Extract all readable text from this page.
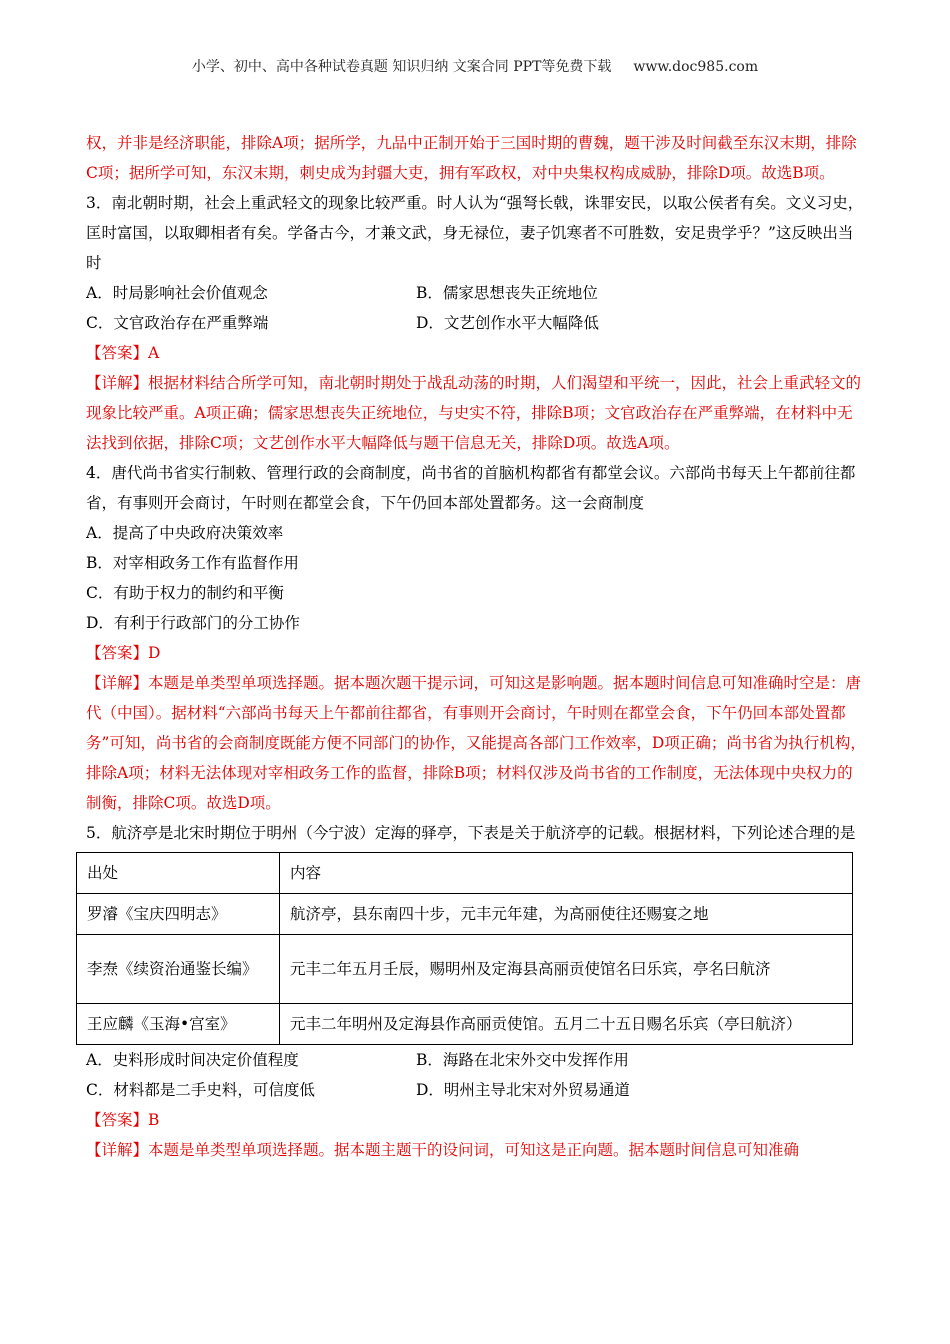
小学、初中、高中各种试卷真题 知识归纳 文案合同 PPT等免费下载 www.doc985.com

权，并非是经济职能，排除A项；据所学，九品中正制开始于三国时期的曹魏，题干涉及时间截至东汉末期，排除C项；据所学可知，东汉末期，刺史成为封疆大吏，拥有军政权，对中央集权构成威胁，排除D项。故选B项。

3．南北朝时期，社会上重武轻文的现象比较严重。时人认为“强弩长戟，诛罪安民，以取公侯者有矣。文义习史，匡时富国，以取卿相者有矣。学备古今，才兼文武，身无禄位，妻子饥寒者不可胜数，安足贵学乎？”这反映出当时

A．时局影响社会价值观念	B．儒家思想丧失正统地位
C．文官政治存在严重弊端	D．文艺创作水平大幅降低

【答案】A

【详解】根据材料结合所学可知，南北朝时期处于战乱动荡的时期，人们渴望和平统一，因此，社会上重武轻文的现象比较严重。A项正确；儒家思想丧失正统地位，与史实不符，排除B项；文官政治存在严重弊端，在材料中无法找到依据，排除C项；文艺创作水平大幅降低与题干信息无关，排除D项。故选A项。

4．唐代尚书省实行制敕、管理行政的会商制度，尚书省的首脑机构都省有都堂会议。六部尚书每天上午都前往都省，有事则开会商讨，午时则在都堂会食，下午仍回本部处置都务。这一会商制度

A．提高了中央政府决策效率
B．对宰相政务工作有监督作用
C．有助于权力的制约和平衡
D．有利于行政部门的分工协作

【答案】D

【详解】本题是单类型单项选择题。据本题次题干提示词，可知这是影响题。据本题时间信息可知准确时空是：唐代（中国）。据材料“六部尚书每天上午都前往都省，有事则开会商讨，午时则在都堂会食，下午仍回本部处置都务”可知，尚书省的会商制度既能方便不同部门的协作，又能提高各部门工作效率，D项正确；尚书省为执行机构，排除A项；材料无法体现对宰相政务工作的监督，排除B项；材料仅涉及尚书省的工作制度，无法体现中央权力的制衡，排除C项。故选D项。

5．航济亭是北宋时期位于明州（今宁波）定海的驿亭，下表是关于航济亭的记载。根据材料，下列论述合理的是

出处	内容
罗濬《宝庆四明志》	航济亭，县东南四十步，元丰元年建，为高丽使往还赐宴之地
李焘《续资治通鉴长编》	元丰二年五月壬辰，赐明州及定海县高丽贡使馆名曰乐宾，亭名曰航济
王应麟《玉海•宫室》	元丰二年明州及定海县作高丽贡使馆。五月二十五日赐名乐宾（亭曰航济）
A．史料形成时间决定价值程度	B．海路在北宋外交中发挥作用
C．材料都是二手史料，可信度低	D．明州主导北宋对外贸易通道

【答案】B

【详解】本题是单类型单项选择题。据本题主题干的设问词，可知这是正向题。据本题时间信息可知准确
